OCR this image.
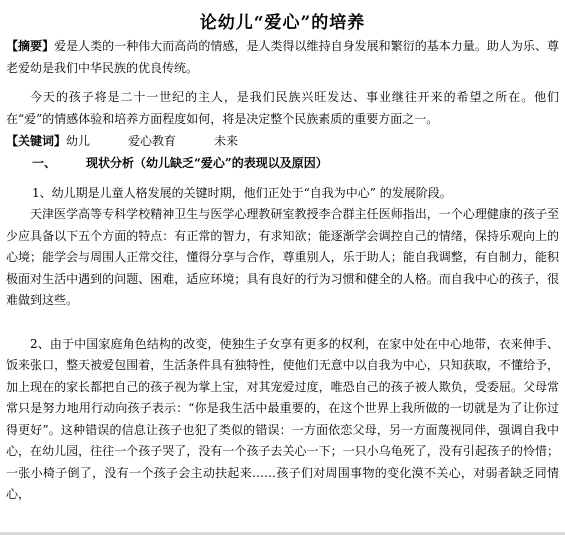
论幼儿“爱心”的培养

【摘要】爱是人类的一种伟大而高尚的情感，是人类得以维持自身发展和繁衍的基本力量。助人为乐、尊老爱幼是我们中华民族的优良传统。

今天的孩子将是二十一世纪的主人，是我们民族兴旺发达、事业继往开来的希望之所在。他们在“爱”的情感体验和培养方面程度如何，将是决定整个民族素质的重要方面之一。

【关键词】幼儿	爱心教育	未来
一、 现状分析（幼儿缺乏“爱心”的表现以及原因）
1、幼儿期是儿童人格发展的关键时期，他们正处于“自我为中心” 的发展阶段。

天津医学高等专科学校精神卫生与医学心理教研室教授李合群主任医师指出，一个心理健康的孩子至少应具备以下五个方面的特点：有正常的智力，有求知欲；能逐渐学会调控自己的情绪，保持乐观向上的心境；能学会与周围人正常交往，懂得分享与合作，尊重别人，乐于助人；能自我调整，有自制力，能积极面对生活中遇到的问题、困难，适应环境；具有良好的行为习惯和健全的人格。而自我中心的孩子，很难做到这些。

2、由于中国家庭角色结构的改变，使独生子女享有更多的权利，在家中处在中心地带，衣来伸手、饭来张口，整天被爱包围着，生活条件具有独特性，使他们无意中以自我为中心，只知获取，不懂给予，加上现在的家长都把自己的孩子视为掌上宝，对其宠爱过度，唯恐自己的孩子被人欺负，受委屈。父母常常只是努力地用行动向孩子表示：“你是我生活中最重要的，在这个世界上我所做的一切就是为了让你过得更好”。这种错误的信息让孩子也犯了类似的错误：一方面依恋父母，另一方面蔑视同伴，强调自我中心，在幼儿园，往往一个孩子哭了，没有一个孩子去关心一下；一只小乌龟死了，没有引起孩子的怜惜；一张小椅子倒了，没有一个孩子会主动扶起来……孩子们对周围事物的变化漠不关心，对弱者缺乏同情心，
